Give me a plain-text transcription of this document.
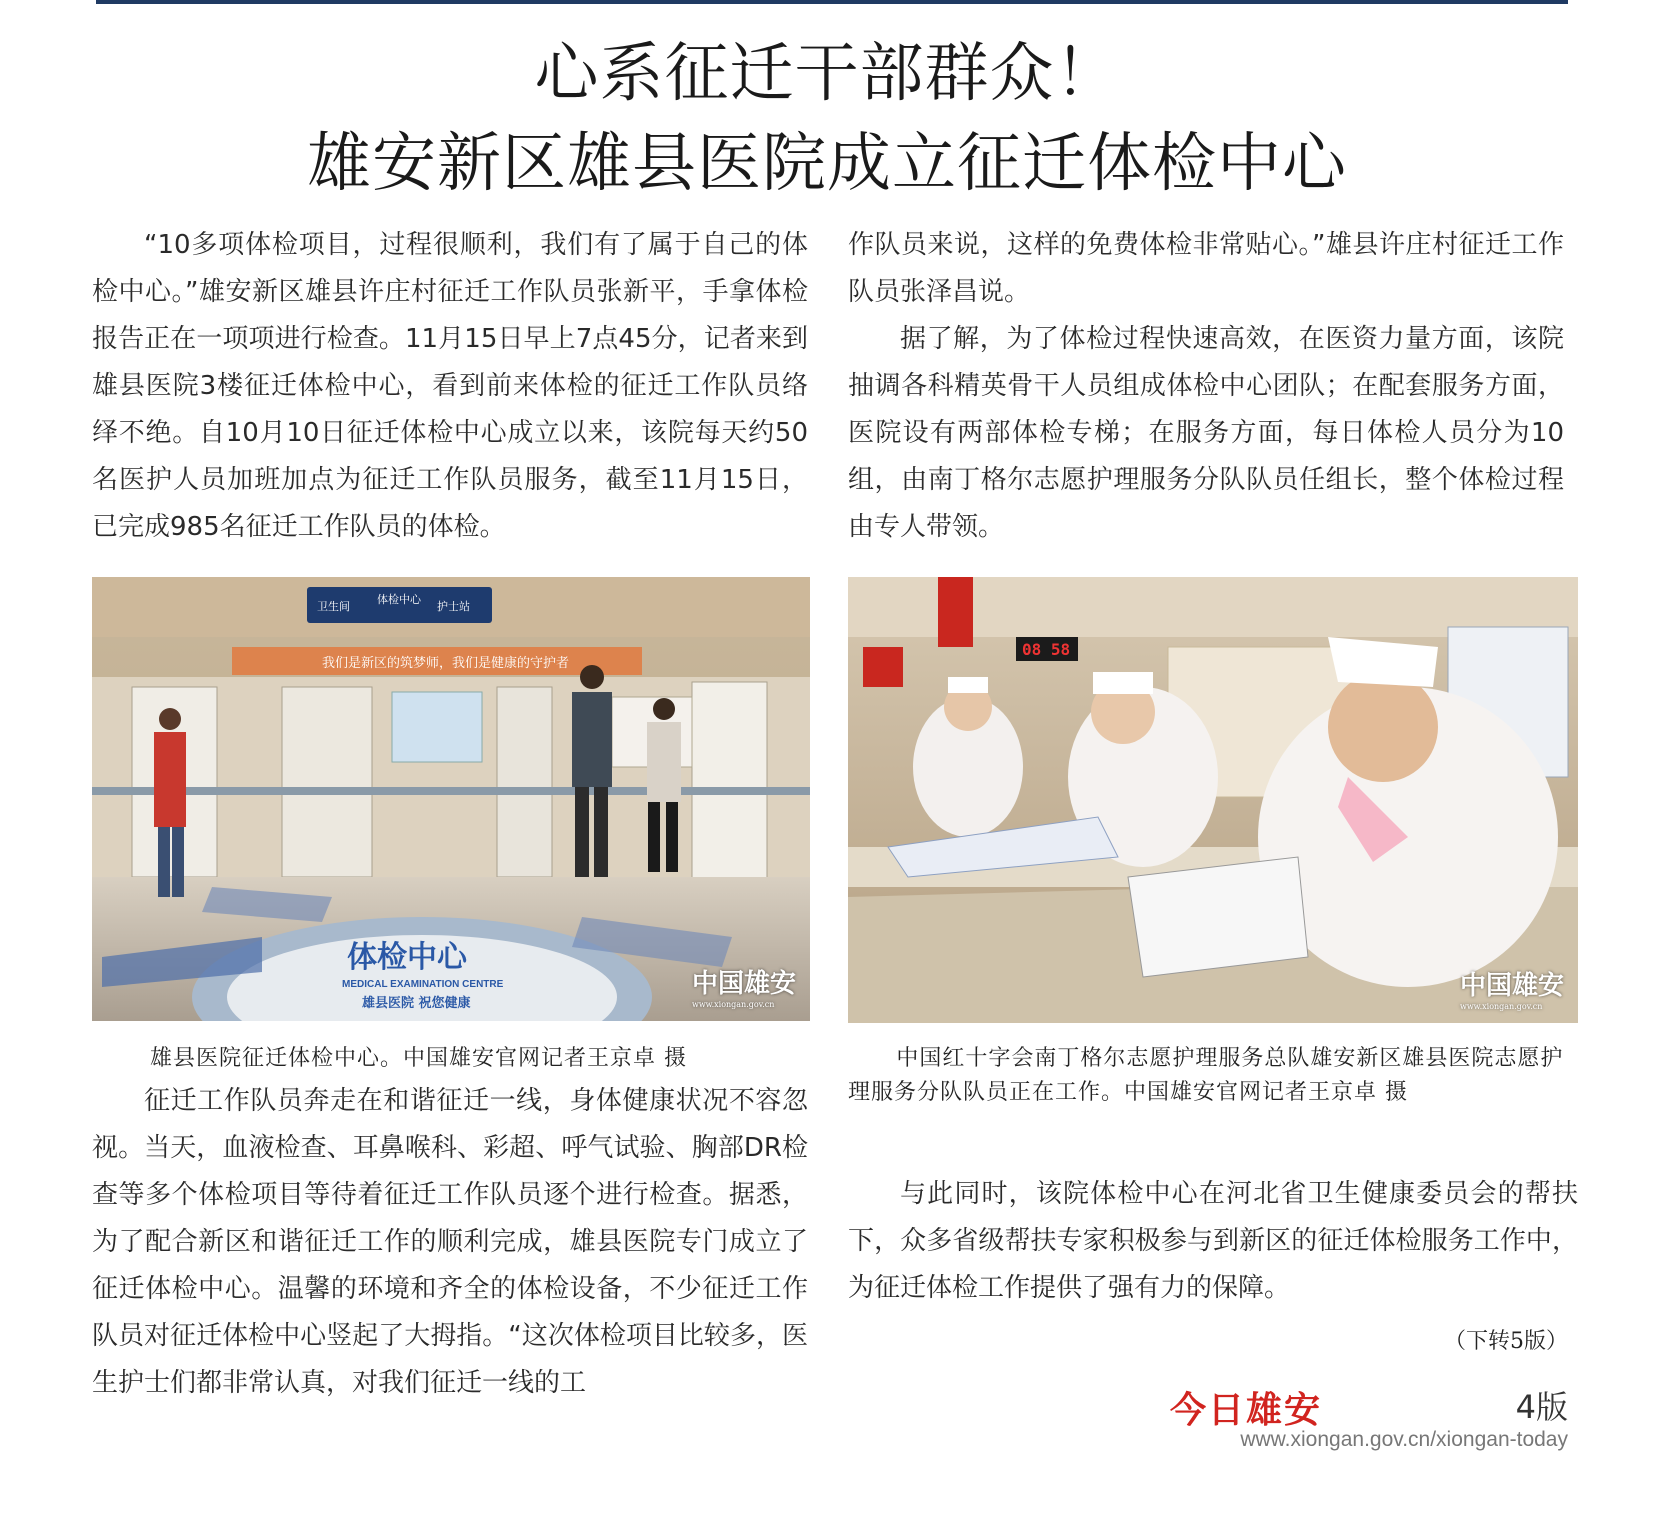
心系征迁干部群众！
雄安新区雄县医院成立征迁体检中心

“10多项体检项目，过程很顺利，我们有了属于自己的体检中心。”雄安新区雄县许庄村征迁工作队员张新平，手拿体检报告正在一项项进行检查。11月15日早上7点45分，记者来到雄县医院3楼征迁体检中心，看到前来体检的征迁工作队员络绎不绝。自10月10日征迁体检中心成立以来，该院每天约50名医护人员加班加点为征迁工作队员服务，截至11月15日，已完成985名征迁工作队员的体检。

作队员来说，这样的免费体检非常贴心。”雄县许庄村征迁工作队员张泽昌说。

据了解，为了体检过程快速高效，在医资力量方面，该院抽调各科精英骨干人员组成体检中心团队；在配套服务方面，医院设有两部体检专梯；在服务方面，每日体检人员分为10组，由南丁格尔志愿护理服务分队队员任组长，整个体检过程由专人带领。

卫生间
体检中心
护士站
我们是新区的筑梦师，我们是健康的守护者
体检中心
MEDICAL EXAMINATION CENTRE
雄县医院 祝您健康
中国雄安
www.xiongan.gov.cn
08 58
中国雄安
www.xiongan.gov.cn
雄县医院征迁体检中心。中国雄安官网记者王京卓 摄	中国红十字会南丁格尔志愿护理服务总队雄安新区雄县医院志愿护理服务分队队员正在工作。中国雄安官网记者王京卓 摄

征迁工作队员奔走在和谐征迁一线，身体健康状况不容忽视。当天，血液检查、耳鼻喉科、彩超、呼气试验、胸部DR检查等多个体检项目等待着征迁工作队员逐个进行检查。据悉，为了配合新区和谐征迁工作的顺利完成，雄县医院专门成立了征迁体检中心。温馨的环境和齐全的体检设备，不少征迁工作队员对征迁体检中心竖起了大拇指。“这次体检项目比较多，医生护士们都非常认真，对我们征迁一线的工

与此同时，该院体检中心在河北省卫生健康委员会的帮扶下，众多省级帮扶专家积极参与到新区的征迁体检服务工作中，为征迁体检工作提供了强有力的保障。

（下转5版）
今日雄安	4版
www.xiongan.gov.cn/xiongan-today
